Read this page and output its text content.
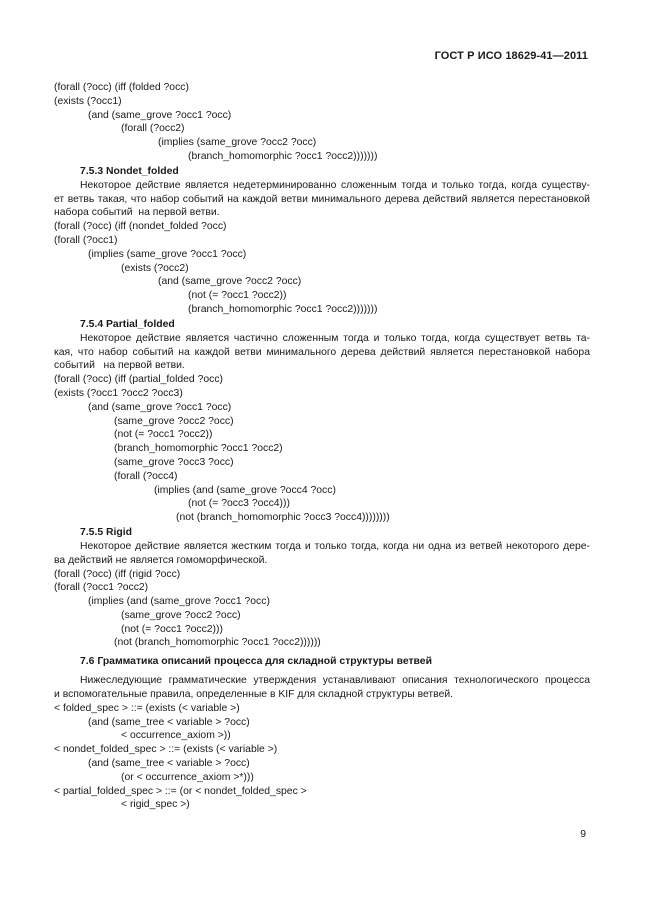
ГОСТ Р ИСО 18629-41—2011
(forall (?occ) (iff (folded ?occ)
(exists (?occ1)
(and (same_grove ?occ1 ?occ)
(forall (?occ2)
(implies (same_grove ?occ2 ?occ)
(branch_homomorphic ?occ1 ?occ2)))))))
7.5.3 Nondet_folded
Некоторое действие является недетерминированно сложенным тогда и только тогда, когда существу-
ет ветвь такая, что набор событий на каждой ветви минимального дерева действий является перестановкой
набора событий  на первой ветви.
(forall (?occ) (iff (nondet_folded ?occ)
(forall (?occ1)
(implies (same_grove ?occ1 ?occ)
(exists (?occ2)
(and (same_grove ?occ2 ?occ)
(not (= ?occ1 ?occ2))
(branch_homomorphic ?occ1 ?occ2)))))))
7.5.4 Partial_folded
Некоторое действие является частично сложенным тогда и только тогда, когда существует ветвь та-
кая, что набор событий на каждой ветви минимального дерева действий является перестановкой набора
событий   на первой ветви.
(forall (?occ) (iff (partial_folded ?occ)
(exists (?occ1 ?occ2 ?occ3)
(and (same_grove ?occ1 ?occ)
(same_grove ?occ2 ?occ)
(not (= ?occ1 ?occ2))
(branch_homomorphic ?occ1 ?occ2)
(same_grove ?occ3 ?occ)
(forall (?occ4)
(implies (and (same_grove ?occ4 ?occ)
(not (= ?occ3 ?occ4)))
(not (branch_homomorphic ?occ3 ?occ4))))))))
7.5.5 Rigid
Некоторое действие является жестким тогда и только тогда, когда ни одна из ветвей некоторого дере-
ва действий не является гомоморфической.
(forall (?occ) (iff (rigid ?occ)
(forall (?occ1 ?occ2)
(implies (and (same_grove ?occ1 ?occ)
(same_grove ?occ2 ?occ)
(not (= ?occ1 ?occ2)))
(not (branch_homomorphic ?occ1 ?occ2))))))
7.6 Грамматика описаний процесса для складной структуры ветвей
Нижеследующие грамматические утверждения устанавливают описания технологического процесса
и вспомогательные правила, определенные в KIF для складной структуры ветвей.
< folded_spec > ::= (exists (< variable >)
(and (same_tree < variable > ?occ)
< occurrence_axiom >))
< nondet_folded_spec > ::= (exists (< variable >)
(and (same_tree < variable > ?occ)
(or < occurrence_axiom >*)))
< partial_folded_spec > ::= (or < nondet_folded_spec >
< rigid_spec >)
9
